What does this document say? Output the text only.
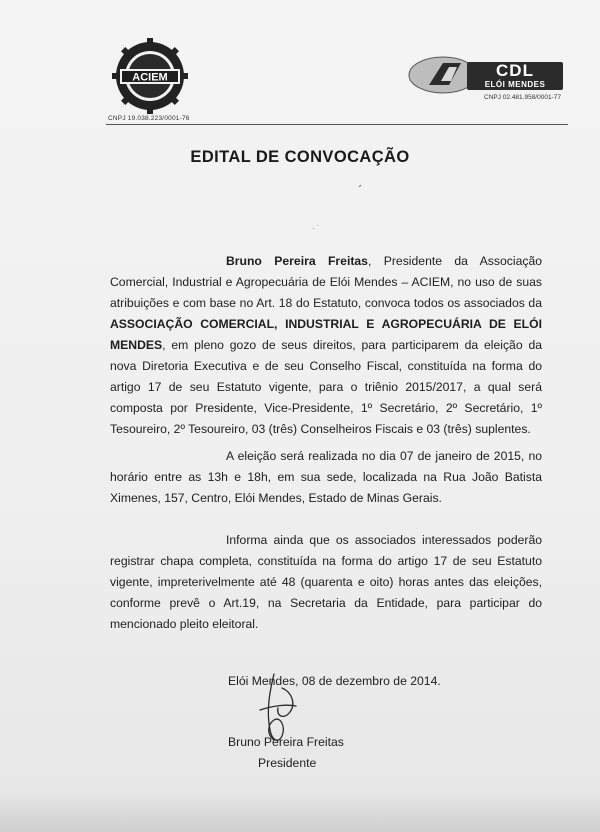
ACIEM
CNPJ 19.038.223/0001-76
CDL
ELÓI MENDES
CNPJ 02.481.958/0001-77
EDITAL DE CONVOCAÇÃO
ˊ
· ˙
Bruno Pereira Freitas, Presidente da Associação Comercial, Industrial e Agropecuária de Elói Mendes – ACIEM, no uso de suas atribuições e com base no Art. 18 do Estatuto, convoca todos os associados da ASSOCIAÇÃO COMERCIAL, INDUSTRIAL E AGROPECUÁRIA DE ELÓI MENDES, em pleno gozo de seus direitos, para participarem da eleição da nova Diretoria Executiva e de seu Conselho Fiscal, constituída na forma do artigo 17 de seu Estatuto vigente, para o triênio 2015/2017, a qual será composta por Presidente, Vice-Presidente, 1º Secretário, 2º Secretário, 1º Tesoureiro, 2º Tesoureiro, 03 (três) Conselheiros Fiscais e 03 (três) suplentes.
A eleição será realizada no dia 07 de janeiro de 2015, no horário entre as 13h e 18h, em sua sede, localizada na Rua João Batista Ximenes, 157, Centro, Elói Mendes, Estado de Minas Gerais.
Informa ainda que os associados interessados poderão registrar chapa completa, constituída na forma do artigo 17 de seu Estatuto vigente, impreterivelmente até 48 (quarenta e oito) horas antes das eleições, conforme prevê o Art.19, na Secretaria da Entidade, para participar do mencionado pleito eleitoral.
Elói Mendes, 08 de dezembro de 2014.
Bruno Pereira Freitas
Presidente
